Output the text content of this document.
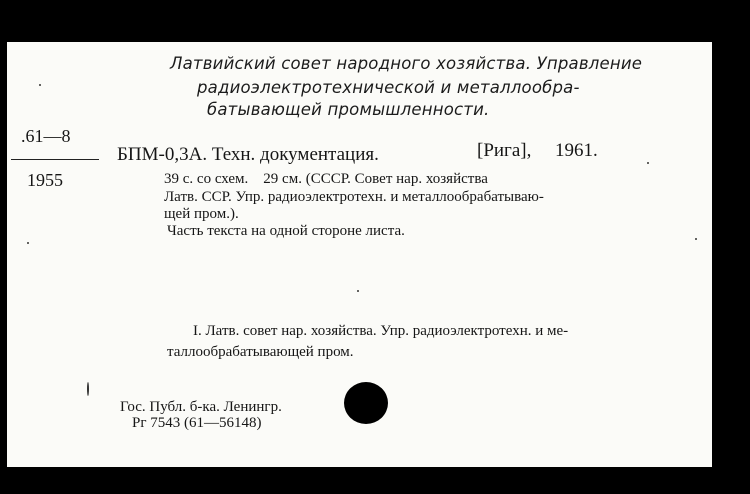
Латвийский совет народного хозяйства. Управление
радиоэлектротехнической и металлообра-
батывающей промышленности.
.61—8
1955
БПМ-0,3А. Техн. документация.	[Рига], 1961.
39 с. со схем.    29 см. (СССР. Совет нар. хозяйства
Латв. ССР. Упр. радиоэлектротехн. и металлообрабатываю-
щей пром.).
Часть текста на одной стороне листа.
I. Латв. совет нар. хозяйства. Упр. радиоэлектротехн. и ме-
таллообрабатывающей пром.
Гос. Публ. б-ка. Ленингр.
Рг 7543 (61—56148)
